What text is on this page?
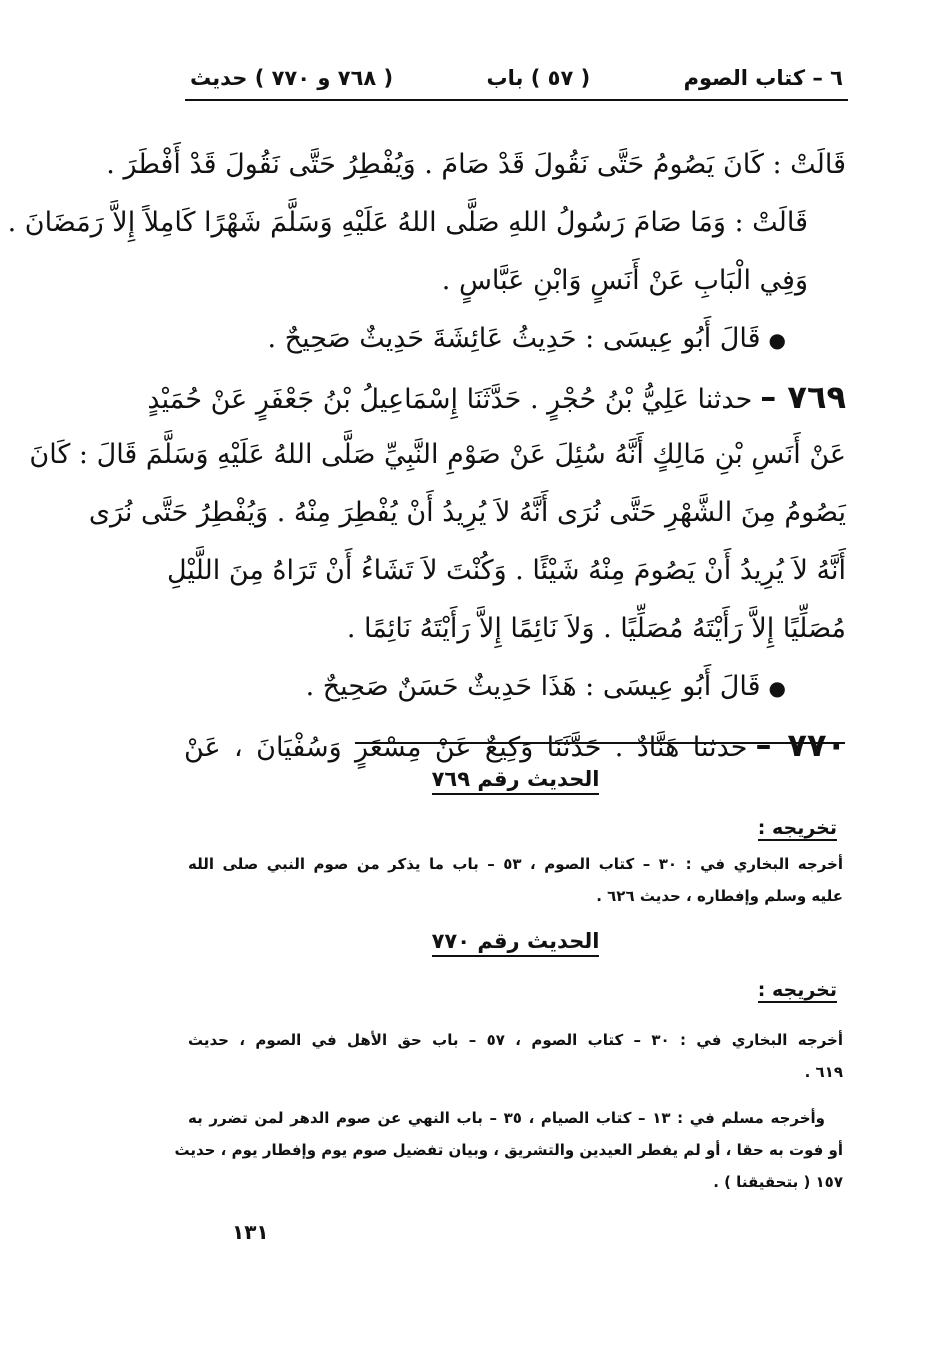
٦ – كتاب الصوم
( ٥٧ ) باب
( ٧٦٨ و ٧٧٠ ) حديث
قَالَتْ : كَانَ يَصُومُ حَتَّى نَقُولَ قَدْ صَامَ . وَيُفْطِرُ حَتَّى نَقُولَ قَدْ أَفْطَرَ .
قَالَتْ : وَمَا صَامَ رَسُولُ اللهِ صَلَّى اللهُ عَلَيْهِ وَسَلَّمَ شَهْرًا كَامِلاً إِلاَّ رَمَضَانَ .
وَفِي الْبَابِ عَنْ أَنَسٍ وَابْنِ عَبَّاسٍ .
●قَالَ أَبُو عِيسَى : حَدِيثُ عَائِشَةَ حَدِيثٌ صَحِيحٌ .
٧٦٩ –حدثنا عَلِيُّ بْنُ حُجْرٍ . حَدَّثَنَا إِسْمَاعِيلُ بْنُ جَعْفَرٍ عَنْ حُمَيْدٍ
عَنْ أَنَسِ بْنِ مَالِكٍ أَنَّهُ سُئِلَ عَنْ صَوْمِ النَّبِيِّ صَلَّى اللهُ عَلَيْهِ وَسَلَّمَ قَالَ : كَانَ
يَصُومُ مِنَ الشَّهْرِ حَتَّى نُرَى أَنَّهُ لاَ يُرِيدُ أَنْ يُفْطِرَ مِنْهُ . وَيُفْطِرُ حَتَّى نُرَى
أَنَّهُ لاَ يُرِيدُ أَنْ يَصُومَ مِنْهُ شَيْئًا . وَكُنْتَ لاَ تَشَاءُ أَنْ تَرَاهُ مِنَ اللَّيْلِ
مُصَلِّيًا إِلاَّ رَأَيْتَهُ مُصَلِّيًا . وَلاَ نَائِمًا إِلاَّ رَأَيْتَهُ نَائِمًا .
●قَالَ أَبُو عِيسَى : هَذَا حَدِيثٌ حَسَنٌ صَحِيحٌ .
٧٧٠ –حدثنا هَنَّادٌ . حَدَّثَنَا وَكِيعٌ عَنْ مِسْعَرٍ وَسُفْيَانَ ، عَنْ
الحديث رقم ٧٦٩
تخريجه :
أخرجه البخاري في : ٣٠ – كتاب الصوم ، ٥٣ – باب ما يذكر من صوم النبي صلى الله
عليه وسلم وإفطاره ، حديث ٦٢٦ .
الحديث رقم ٧٧٠
تخريجه :
أخرجه البخاري في : ٣٠ – كتاب الصوم ، ٥٧ – باب حق الأهل في الصوم ، حديث
٦١٩ .
وأخرجه مسلم في : ١٣ – كتاب الصيام ، ٣٥ – باب النهي عن صوم الدهر لمن تضرر به
أو فوت به حقا ، أو لم يفطر العيدين والتشريق ، وبيان تفضيل صوم يوم وإفطار يوم ، حديث
١٥٧ ( بتحقيقنا ) .
١٣١
